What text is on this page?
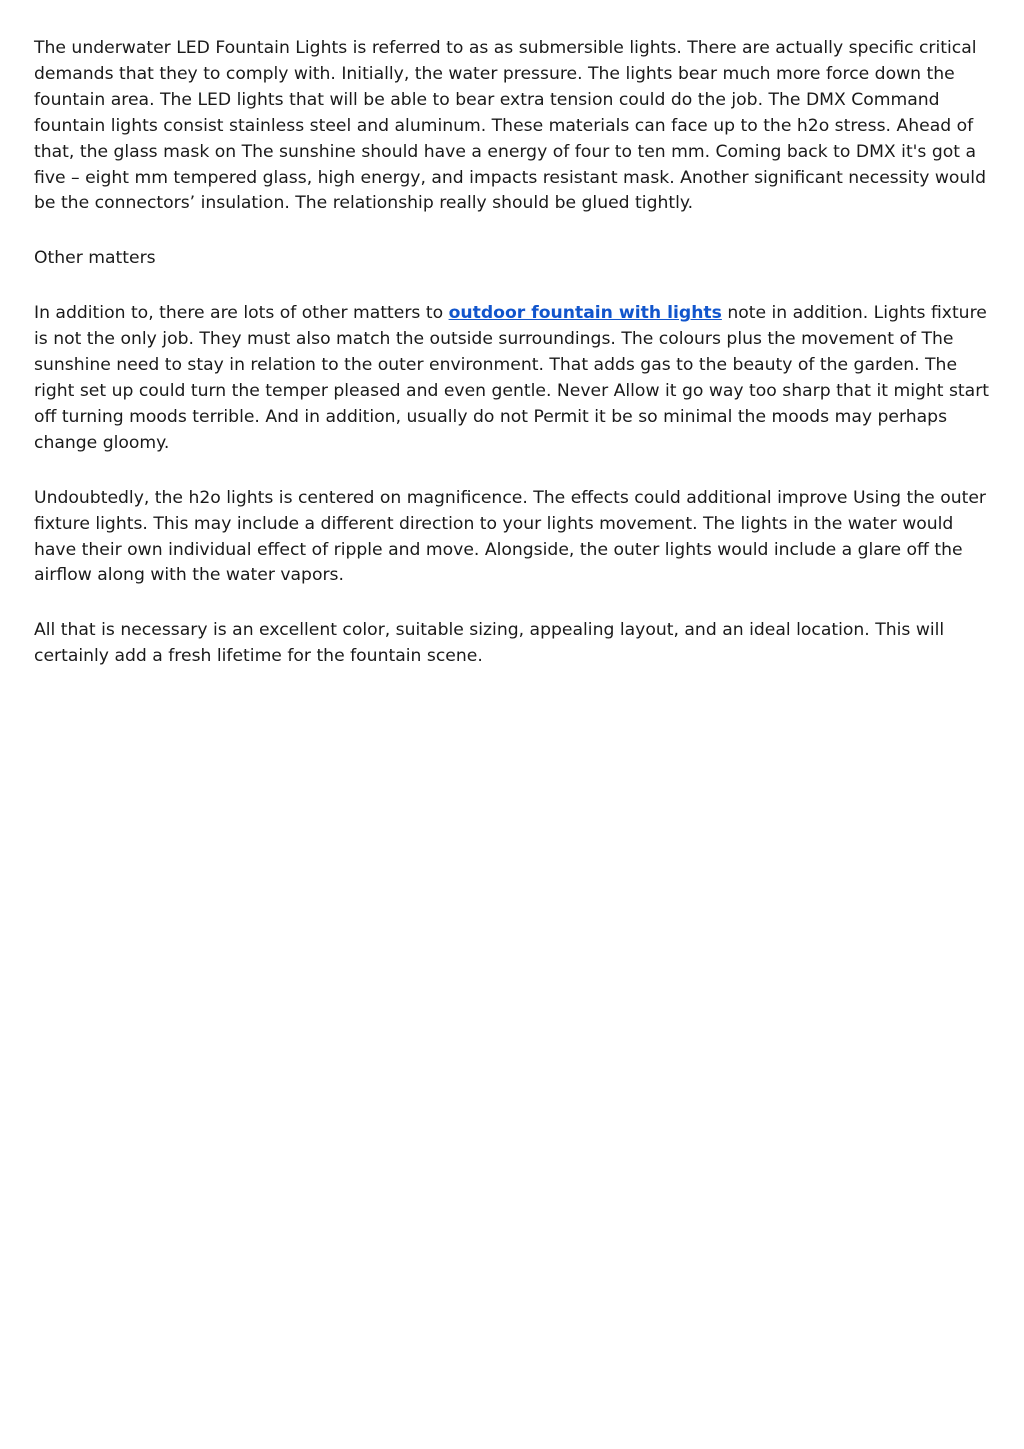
The underwater LED Fountain Lights is referred to as as submersible lights. There are actually specific critical demands that they to comply with. Initially, the water pressure. The lights bear much more force down the fountain area. The LED lights that will be able to bear extra tension could do the job. The DMX Command fountain lights consist stainless steel and aluminum. These materials can face up to the h2o stress. Ahead of that, the glass mask on The sunshine should have a energy of four to ten mm. Coming back to DMX it's got a five – eight mm tempered glass, high energy, and impacts resistant mask. Another significant necessity would be the connectors’ insulation. The relationship really should be glued tightly.

Other matters

In addition to, there are lots of other matters to outdoor fountain with lights note in addition. Lights fixture is not the only job. They must also match the outside surroundings. The colours plus the movement of The sunshine need to stay in relation to the outer environment. That adds gas to the beauty of the garden. The right set up could turn the temper pleased and even gentle. Never Allow it go way too sharp that it might start off turning moods terrible. And in addition, usually do not Permit it be so minimal the moods may perhaps change gloomy.

Undoubtedly, the h2o lights is centered on magnificence. The effects could additional improve Using the outer fixture lights. This may include a different direction to your lights movement. The lights in the water would have their own individual effect of ripple and move. Alongside, the outer lights would include a glare off the airflow along with the water vapors.

All that is necessary is an excellent color, suitable sizing, appealing layout, and an ideal location. This will certainly add a fresh lifetime for the fountain scene.
